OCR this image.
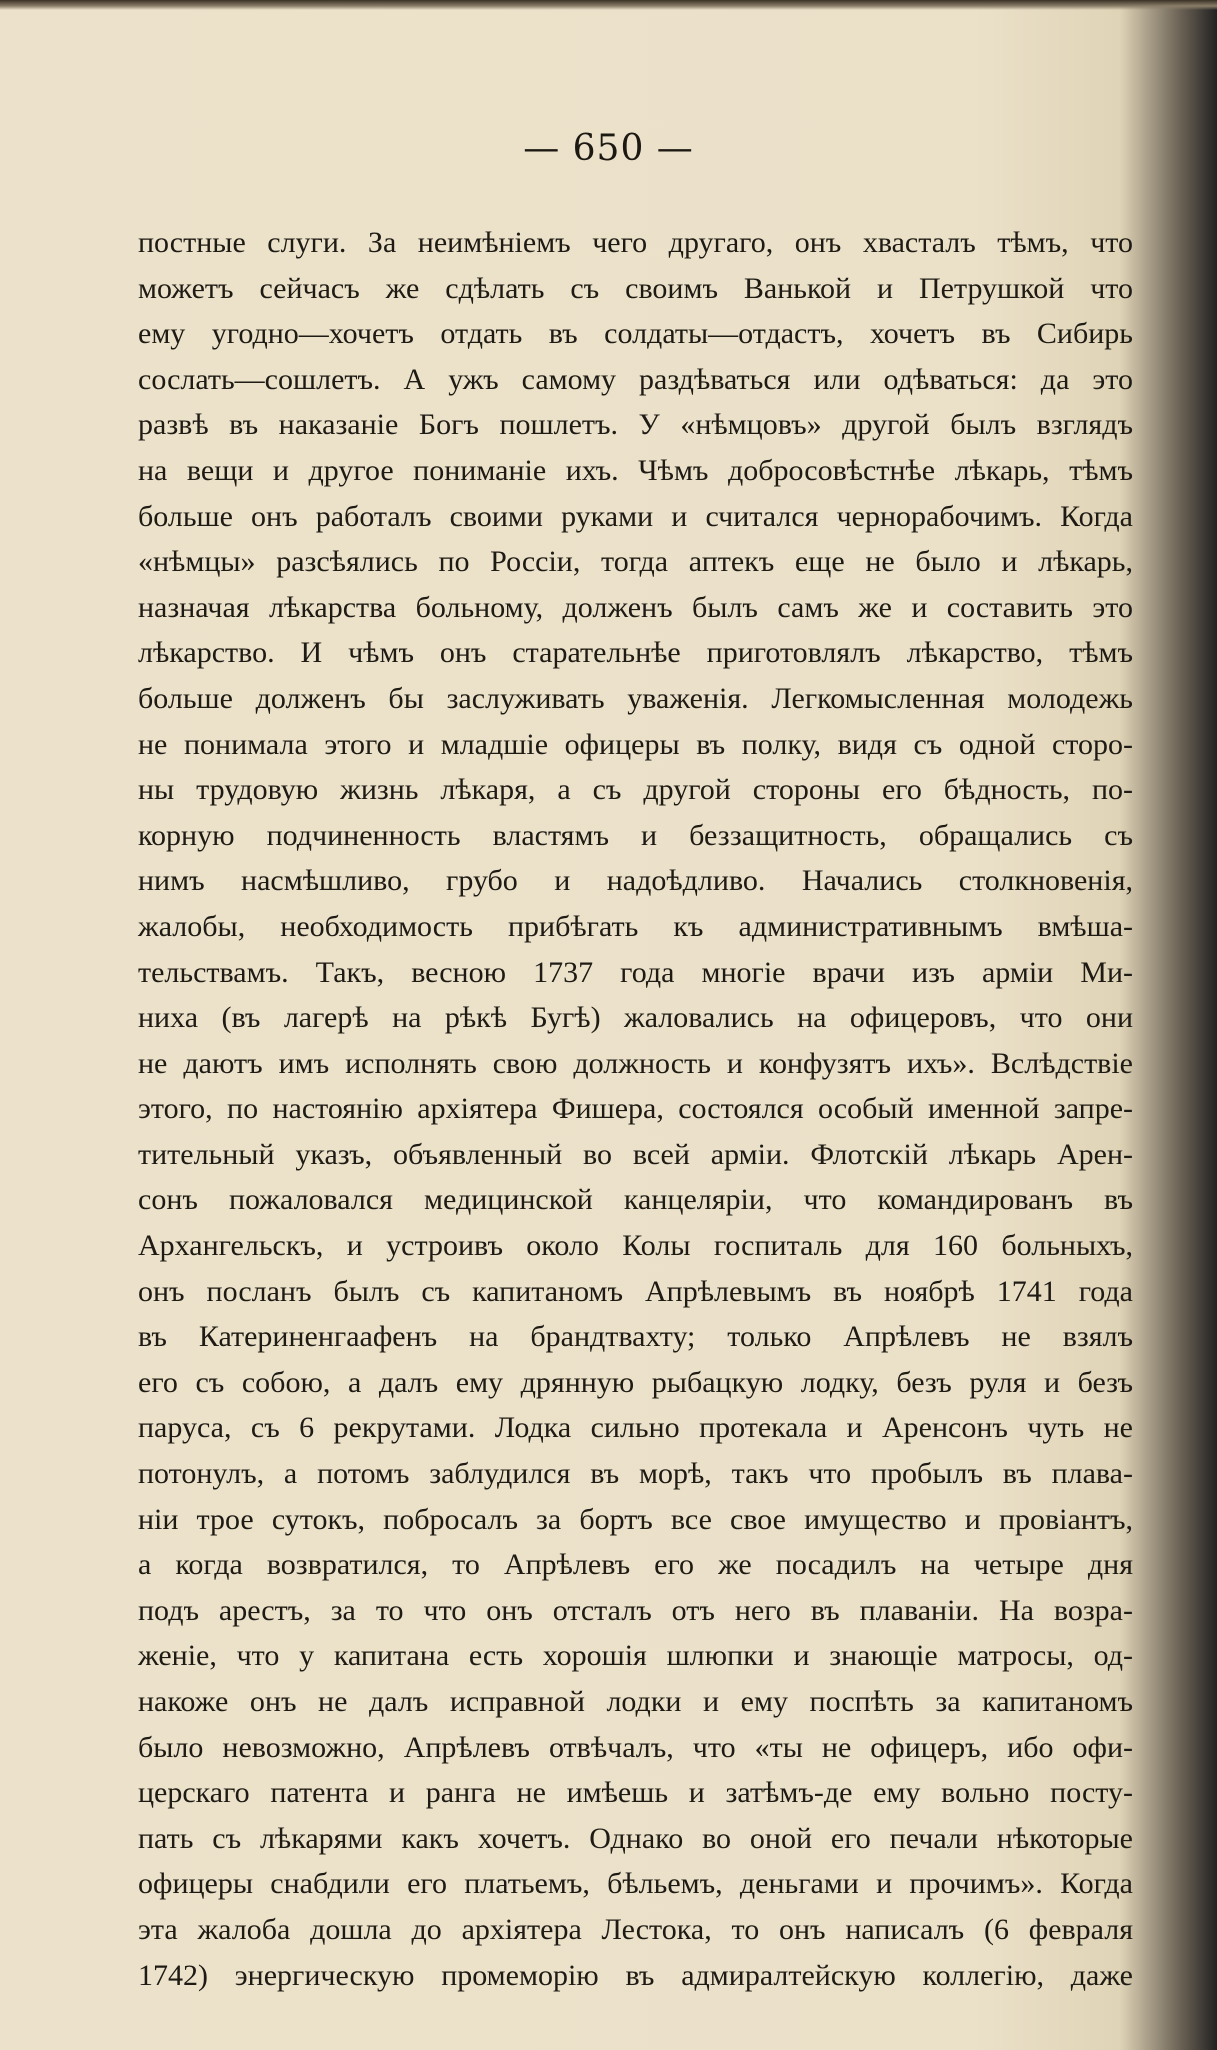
— 650 —
постные слуги. За неимѣніемъ чего другаго, онъ хвасталъ тѣмъ, что
можетъ сейчасъ же сдѣлать съ своимъ Ванькой и Петрушкой что
ему угодно—хочетъ отдать въ солдаты—отдастъ, хочетъ въ Сибирь
сослать—сошлетъ. А ужъ самому раздѣваться или одѣваться: да это
развѣ въ наказаніе Богъ пошлетъ. У «нѣмцовъ» другой былъ взглядъ
на вещи и другое пониманіе ихъ. Чѣмъ добросовѣстнѣе лѣкарь, тѣмъ
больше онъ работалъ своими руками и считался чернорабочимъ. Когда
«нѣмцы» разсѣялись по Россіи, тогда аптекъ еще не было и лѣкарь,
назначая лѣкарства больному, долженъ былъ самъ же и составить это
лѣкарство. И чѣмъ онъ старательнѣе приготовлялъ лѣкарство, тѣмъ
больше долженъ бы заслуживать уваженія. Легкомысленная молодежь
не понимала этого и младшіе офицеры въ полку, видя съ одной сторо-
ны трудовую жизнь лѣкаря, а съ другой стороны его бѣдность, по-
корную подчиненность властямъ и беззащитность, обращались съ
нимъ насмѣшливо, грубо и надоѣдливо. Начались столкновенія,
жалобы, необходимость прибѣгать къ административнымъ вмѣша-
тельствамъ. Такъ, весною 1737 года многіе врачи изъ арміи Ми-
ниха (въ лагерѣ на рѣкѣ Бугѣ) жаловались на офицеровъ, что они
не даютъ имъ исполнять свою должность и конфузятъ ихъ». Вслѣдствіе
этого, по настоянію архіятера Фишера, состоялся особый именной запре-
тительный указъ, объявленный во всей арміи. Флотскій лѣкарь Арен-
сонъ пожаловался медицинской канцеляріи, что командированъ въ
Архангельскъ, и устроивъ около Колы госпиталь для 160 больныхъ,
онъ посланъ былъ съ капитаномъ Апрѣлевымъ въ ноябрѣ 1741 года
въ Катериненгаафенъ на брандтвахту; только Апрѣлевъ не взялъ
его съ собою, а далъ ему дрянную рыбацкую лодку, безъ руля и безъ
паруса, съ 6 рекрутами. Лодка сильно протекала и Аренсонъ чуть не
потонулъ, а потомъ заблудился въ морѣ, такъ что пробылъ въ плава-
ніи трое сутокъ, побросалъ за бортъ все свое имущество и провіантъ,
а когда возвратился, то Апрѣлевъ его же посадилъ на четыре дня
подъ арестъ, за то что онъ отсталъ отъ него въ плаваніи. На возра-
женіе, что у капитана есть хорошія шлюпки и знающіе матросы, од-
накоже онъ не далъ исправной лодки и ему поспѣть за капитаномъ
было невозможно, Апрѣлевъ отвѣчалъ, что «ты не офицеръ, ибо офи-
церскаго патента и ранга не имѣешь и затѣмъ-де ему вольно посту-
пать съ лѣкарями какъ хочетъ. Однако во оной его печали нѣкоторые
офицеры снабдили его платьемъ, бѣльемъ, деньгами и прочимъ». Когда
эта жалоба дошла до архіятера Лестока, то онъ написалъ (6 февраля
1742) энергическую промеморію въ адмиралтейскую коллегію, даже
